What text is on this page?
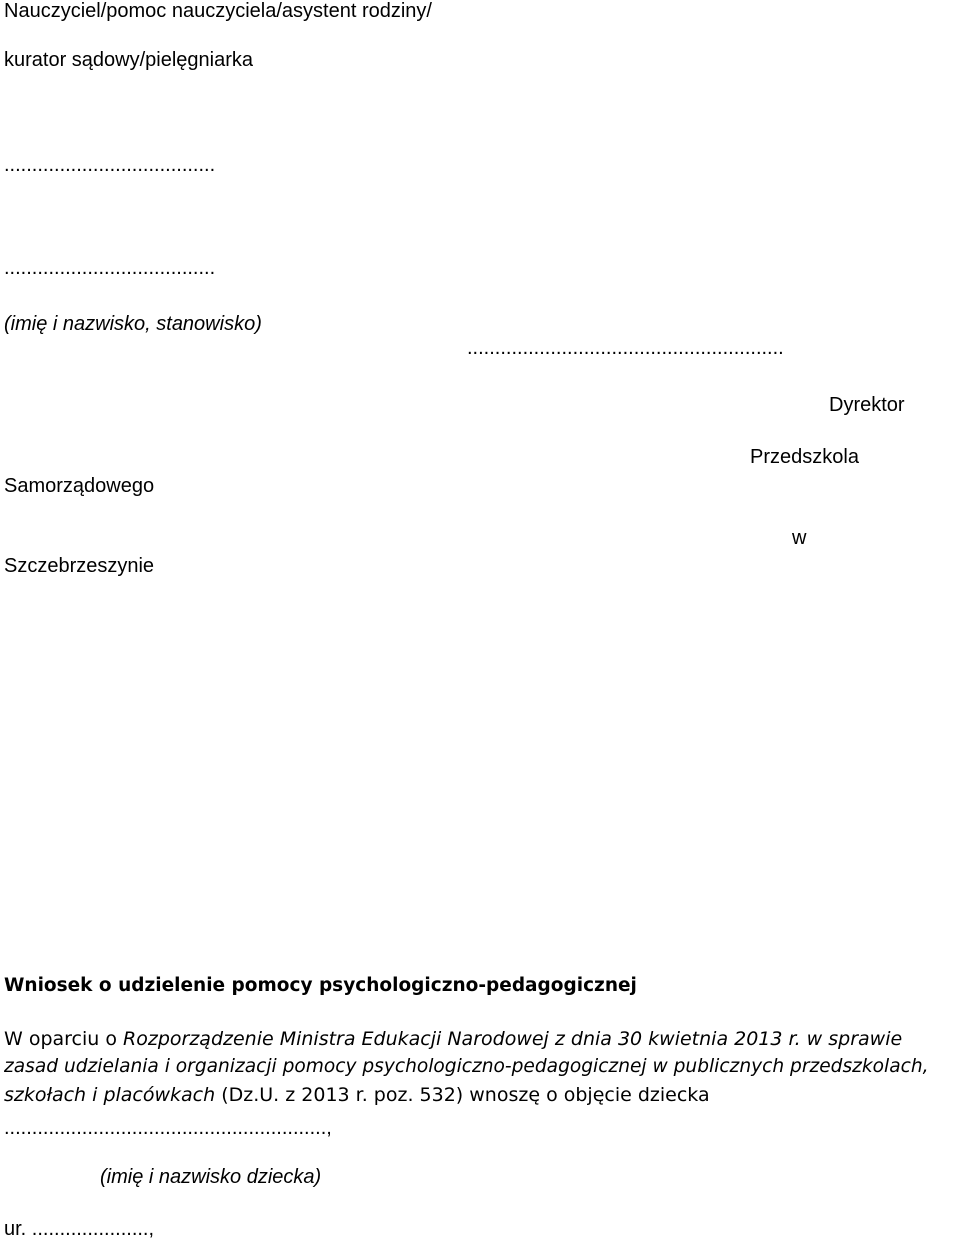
Nauczyciel/pomoc nauczyciela/asystent rodziny/
kurator sądowy/pielęgniarka
......................................
......................................
(imię i nazwisko, stanowisko)
.........................................................
Dyrektor
Przedszkola
Samorządowego
w
Szczebrzeszynie
Wniosek o udzielenie pomocy psychologiczno-pedagogicznej
W oparciu o Rozporządzenie Ministra Edukacji Narodowej z dnia 30 kwietnia 2013 r. w sprawie
zasad udzielania i organizacji pomocy psychologiczno-pedagogicznej w publicznych przedszkolach,
szkołach i placówkach (Dz.U. z 2013 r. poz. 532) wnoszę o objęcie dziecka
..........................................................,
(imię i nazwisko dziecka)
ur. .....................,
